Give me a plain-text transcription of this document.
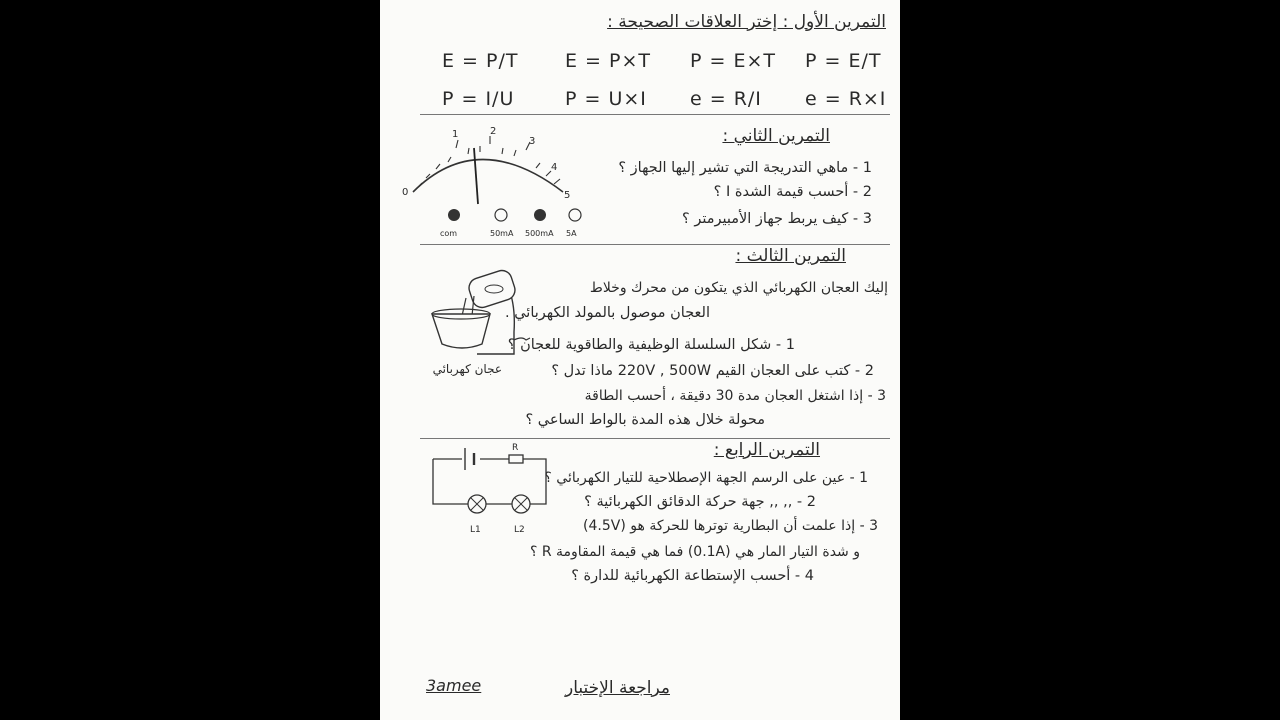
التمرين الأول : إختر العلاقات الصحيحة :
E = P/T E = P×T P = E×T P = E/T
P = I/U	P = U×I e = R/I e = R×I
التمرين الثاني :
1 - ماهي التدريجة التي تشير إليها الجهاز ؟
2 - أحسب قيمة الشدة I ؟
3 - كيف يربط جهاز الأمبيرمتر ؟
0
1	2
3
4
5
com	50mA 500mA 5A
التمرين الثالث :
إليك العجان الكهربائي الذي يتكون من محرك وخلاط
العجان موصول بالمولد الكهربائي .
1 - شكل السلسلة الوظيفية والطاقوية للعجان ؟
2 - كتب على العجان القيم 220V , 500W ماذا تدل ؟
3 - إذا اشتغل العجان مدة 30 دقيقة ، أحسب الطاقة
محولة خلال هذه المدة بالواط الساعي ؟
عجان كهربائي
التمرين الرابع :
1 - عين على الرسم الجهة الإصطلاحية للتيار الكهربائي ؟
2 - ,, ,, جهة حركة الدقائق الكهربائية ؟
3 - إذا علمت أن البطارية توترها للحركة هو (4.5V)
و شدة التيار المار هي (0.1A) فما هي قيمة المقاومة R ؟
4 - أحسب الإستطاعة الكهربائية للدارة ؟
R
L1	L2
مراجعة الإختبار
3amee
